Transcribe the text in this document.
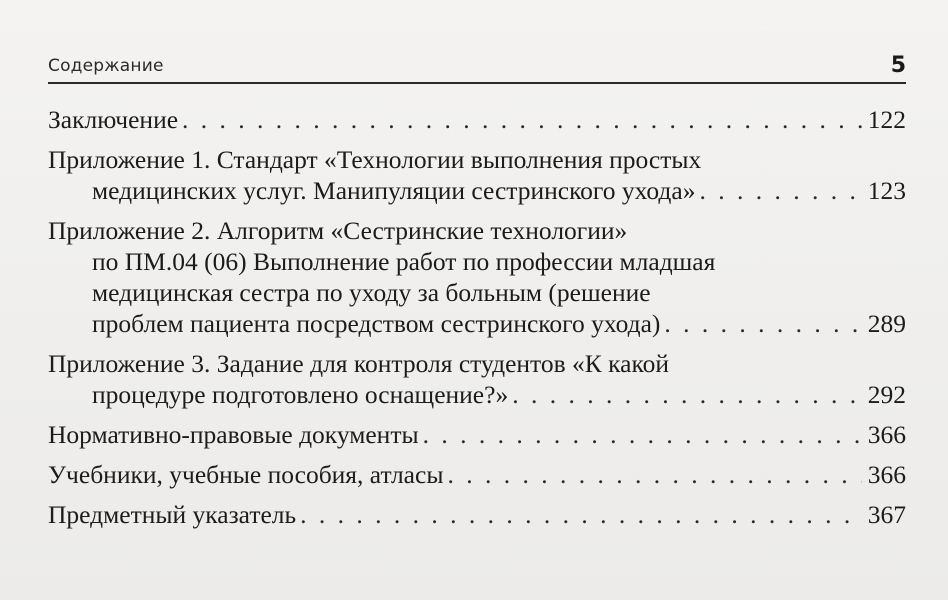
Содержание	5
Заключение . . .	122
Приложение 1. Стандарт «Технологии выполнения простых
медицинских услуг. Манипуляции сестринского ухода» . . .	123
Приложение 2. Алгоритм «Сестринские технологии»
по ПМ.04 (06) Выполнение работ по профессии младшая
медицинская сестра по уходу за больным (решение
проблем пациента посредством сестринского ухода) . . .	289
Приложение 3. Задание для контроля студентов «К какой
процедуре подготовлено оснащение?» . . .	292
Нормативно-правовые документы . . .	366
Учебники, учебные пособия, атласы . . .	366
Предметный указатель . . .	367
